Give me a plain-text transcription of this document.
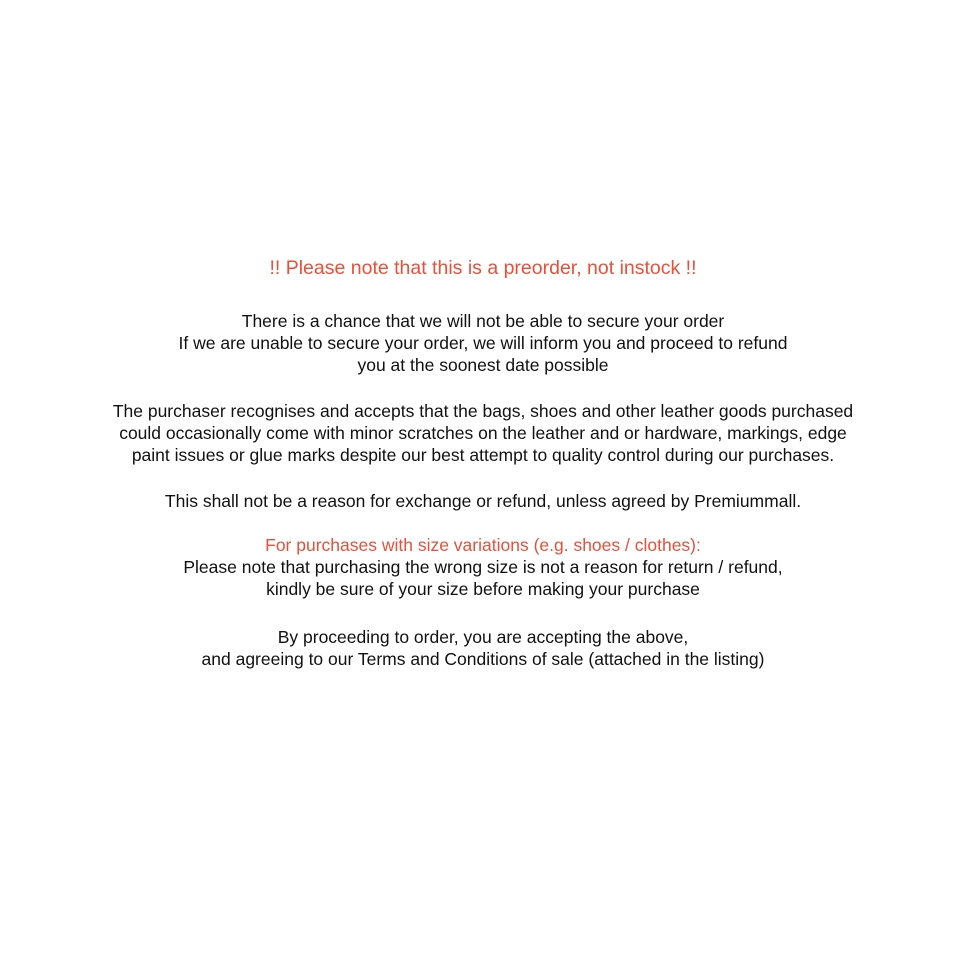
!! Please note that this is a preorder, not instock !!

There is a chance that we will not be able to secure your order

If we are unable to secure your order, we will inform you and proceed to refund you at the soonest date possible

The purchaser recognises and accepts that the bags, shoes and other leather goods purchased could occasionally come with minor scratches on the leather and or hardware, markings, edge paint issues or glue marks despite our best attempt to quality control during our purchases.

This shall not be a reason for exchange or refund, unless agreed by Premiummall.

For purchases with size variations (e.g. shoes / clothes):

Please note that purchasing the wrong size is not a reason for return / refund, kindly be sure of your size before making your purchase

By proceeding to order, you are accepting the above,

and agreeing to our Terms and Conditions of sale (attached in the listing)
